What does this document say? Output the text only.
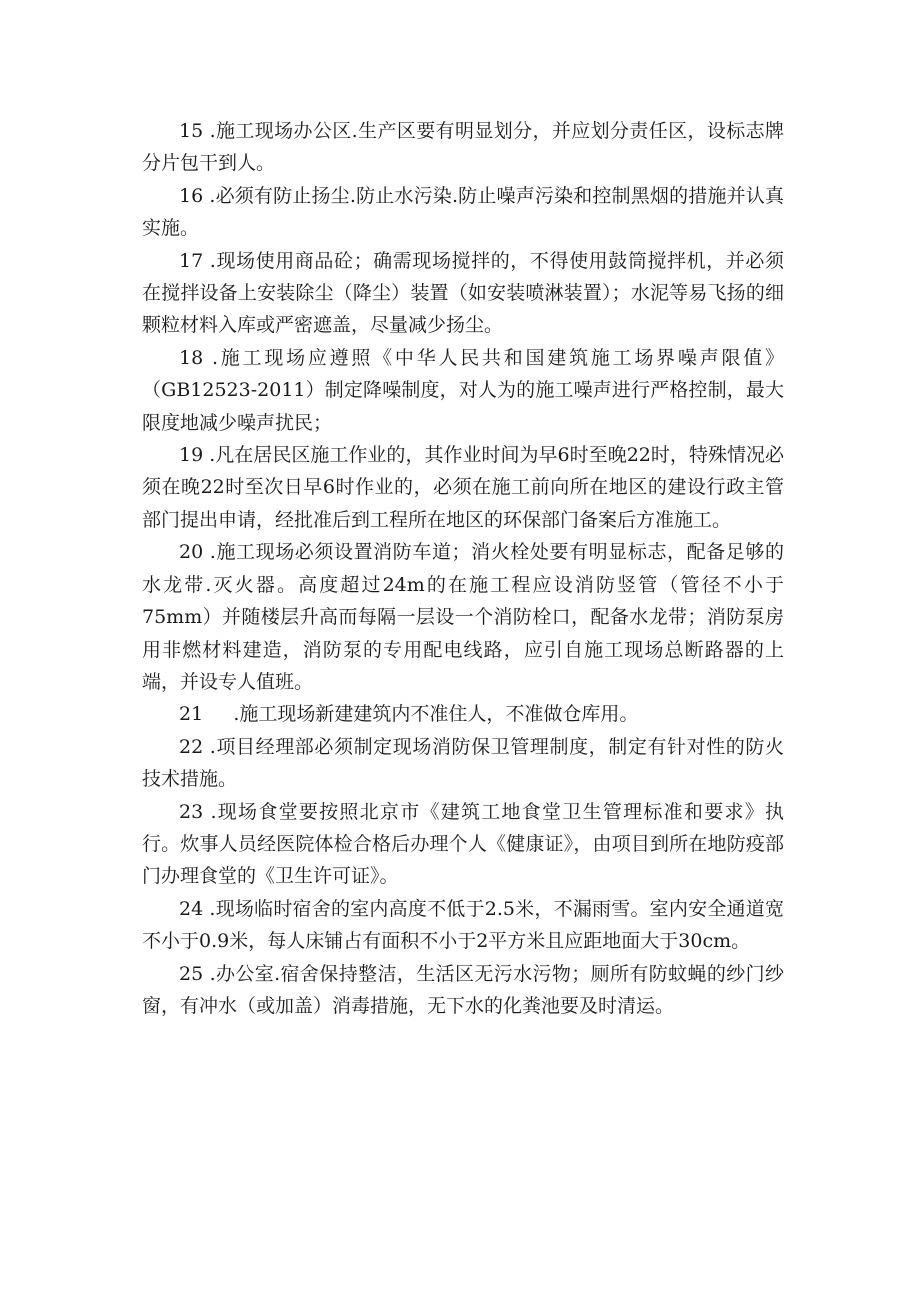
15 .施工现场办公区.生产区要有明显划分，并应划分责任区，设标志牌分片包干到人。

16 .必须有防止扬尘.防止水污染.防止噪声污染和控制黑烟的措施并认真实施。

17 .现场使用商品砼；确需现场搅拌的，不得使用鼓筒搅拌机，并必须在搅拌设备上安装除尘（降尘）装置（如安装喷淋装置）；水泥等易飞扬的细颗粒材料入库或严密遮盖，尽量减少扬尘。

18 .施工现场应遵照《中华人民共和国建筑施工场界噪声限值》（GB12523-2011）制定降噪制度，对人为的施工噪声进行严格控制，最大限度地减少噪声扰民；

19 .凡在居民区施工作业的，其作业时间为早6时至晚22时，特殊情况必须在晚22时至次日早6时作业的，必须在施工前向所在地区的建设行政主管部门提出申请，经批准后到工程所在地区的环保部门备案后方准施工。

20 .施工现场必须设置消防车道；消火栓处要有明显标志，配备足够的水龙带.灭火器。高度超过24m的在施工程应设消防竖管（管径不小于75mm）并随楼层升高而每隔一层设一个消防栓口，配备水龙带；消防泵房用非燃材料建造，消防泵的专用配电线路，应引自施工现场总断路器的上端，并设专人值班。

21     .施工现场新建建筑内不准住人，不准做仓库用。

22 .项目经理部必须制定现场消防保卫管理制度，制定有针对性的防火技术措施。

23 .现场食堂要按照北京市《建筑工地食堂卫生管理标准和要求》执行。炊事人员经医院体检合格后办理个人《健康证》，由项目到所在地防疫部门办理食堂的《卫生许可证》。

24 .现场临时宿舍的室内高度不低于2.5米，不漏雨雪。室内安全通道宽不小于0.9米，每人床铺占有面积不小于2平方米且应距地面大于30cm。

25 .办公室.宿舍保持整洁，生活区无污水污物；厕所有防蚊蝇的纱门纱窗，有冲水（或加盖）消毒措施，无下水的化粪池要及时清运。
